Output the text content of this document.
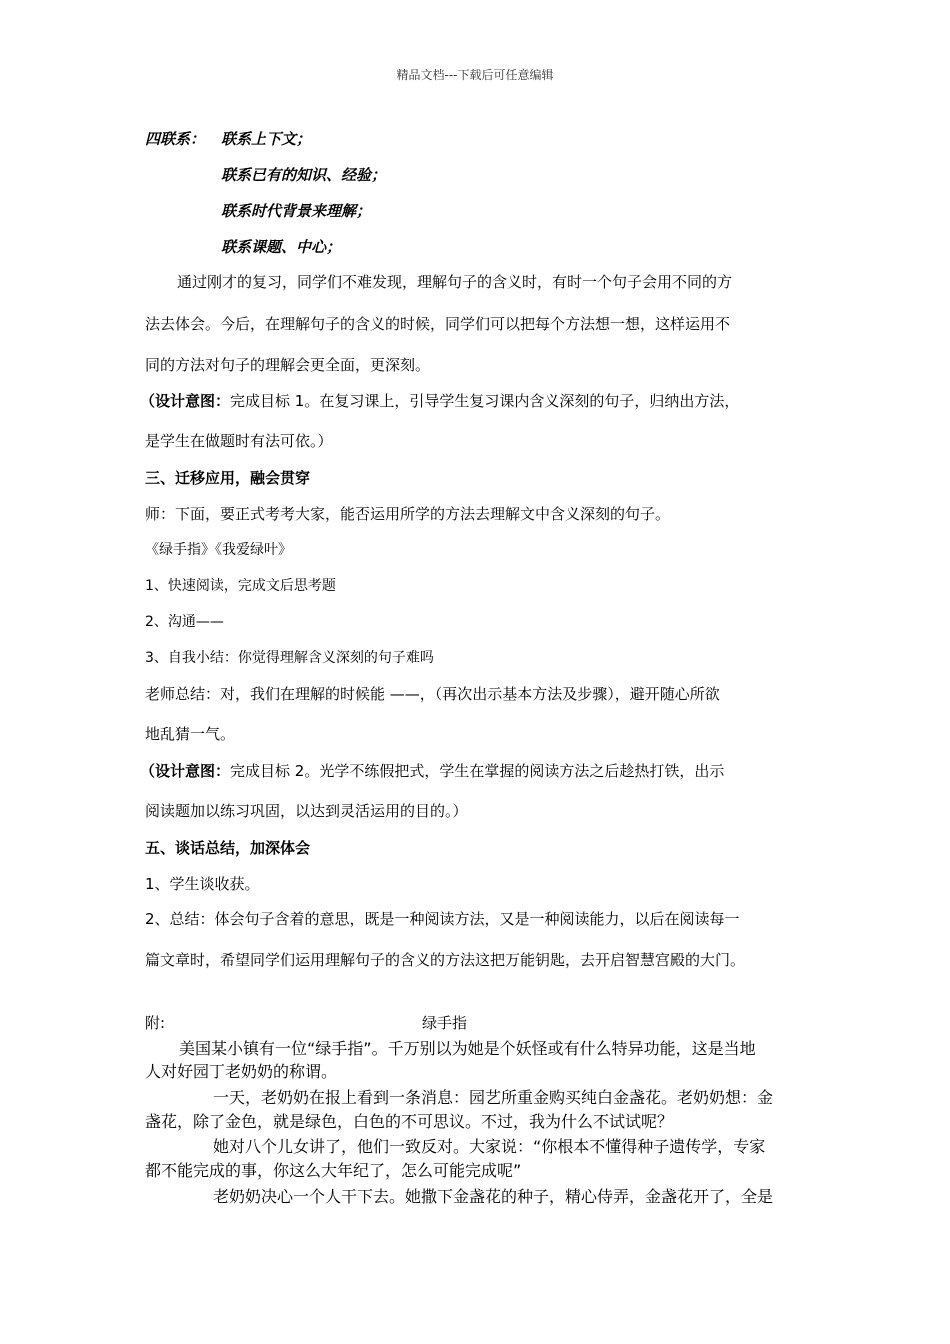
精品文档---下载后可任意编辑
四联系： 联系上下文；
联系已有的知识、经验；
联系时代背景来理解；
联系课题、中心；
通过刚才的复习，同学们不难发现，理解句子的含义时，有时一个句子会用不同的方
法去体会。今后，在理解句子的含义的时候，同学们可以把每个方法想一想，这样运用不
同的方法对句子的理解会更全面，更深刻。
（设计意图：完成目标 1。在复习课上，引导学生复习课内含义深刻的句子，归纳出方法，
是学生在做题时有法可依。）
三、迁移应用，融会贯穿
师：下面，要正式考考大家，能否运用所学的方法去理解文中含义深刻的句子。
《绿手指》《我爱绿叶》
1、快速阅读，完成文后思考题
2、沟通——
3、自我小结：你觉得理解含义深刻的句子难吗
老师总结：对，我们在理解的时候能 ——，（再次出示基本方法及步骤），避开随心所欲
地乱猜一气。
（设计意图：完成目标 2。光学不练假把式，学生在掌握的阅读方法之后趁热打铁，出示
阅读题加以练习巩固，以达到灵活运用的目的。）
五、谈话总结，加深体会
1、学生谈收获。
2、总结：体会句子含着的意思，既是一种阅读方法，又是一种阅读能力，以后在阅读每一
篇文章时，希望同学们运用理解句子的含义的方法这把万能钥匙，去开启智慧宫殿的大门。
附:	绿手指
美国某小镇有一位“绿手指”。千万别以为她是个妖怪或有什么特异功能，这是当地
人对好园丁老奶奶的称谓。
一天，老奶奶在报上看到一条消息：园艺所重金购买纯白金盏花。老奶奶想：金
盏花，除了金色，就是绿色，白色的不可思议。不过，我为什么不试试呢？
她对八个儿女讲了，他们一致反对。大家说：“你根本不懂得种子遗传学，专家
都不能完成的事，你这么大年纪了，怎么可能完成呢”
老奶奶决心一个人干下去。她撒下金盏花的种子，精心侍弄，金盏花开了，全是
